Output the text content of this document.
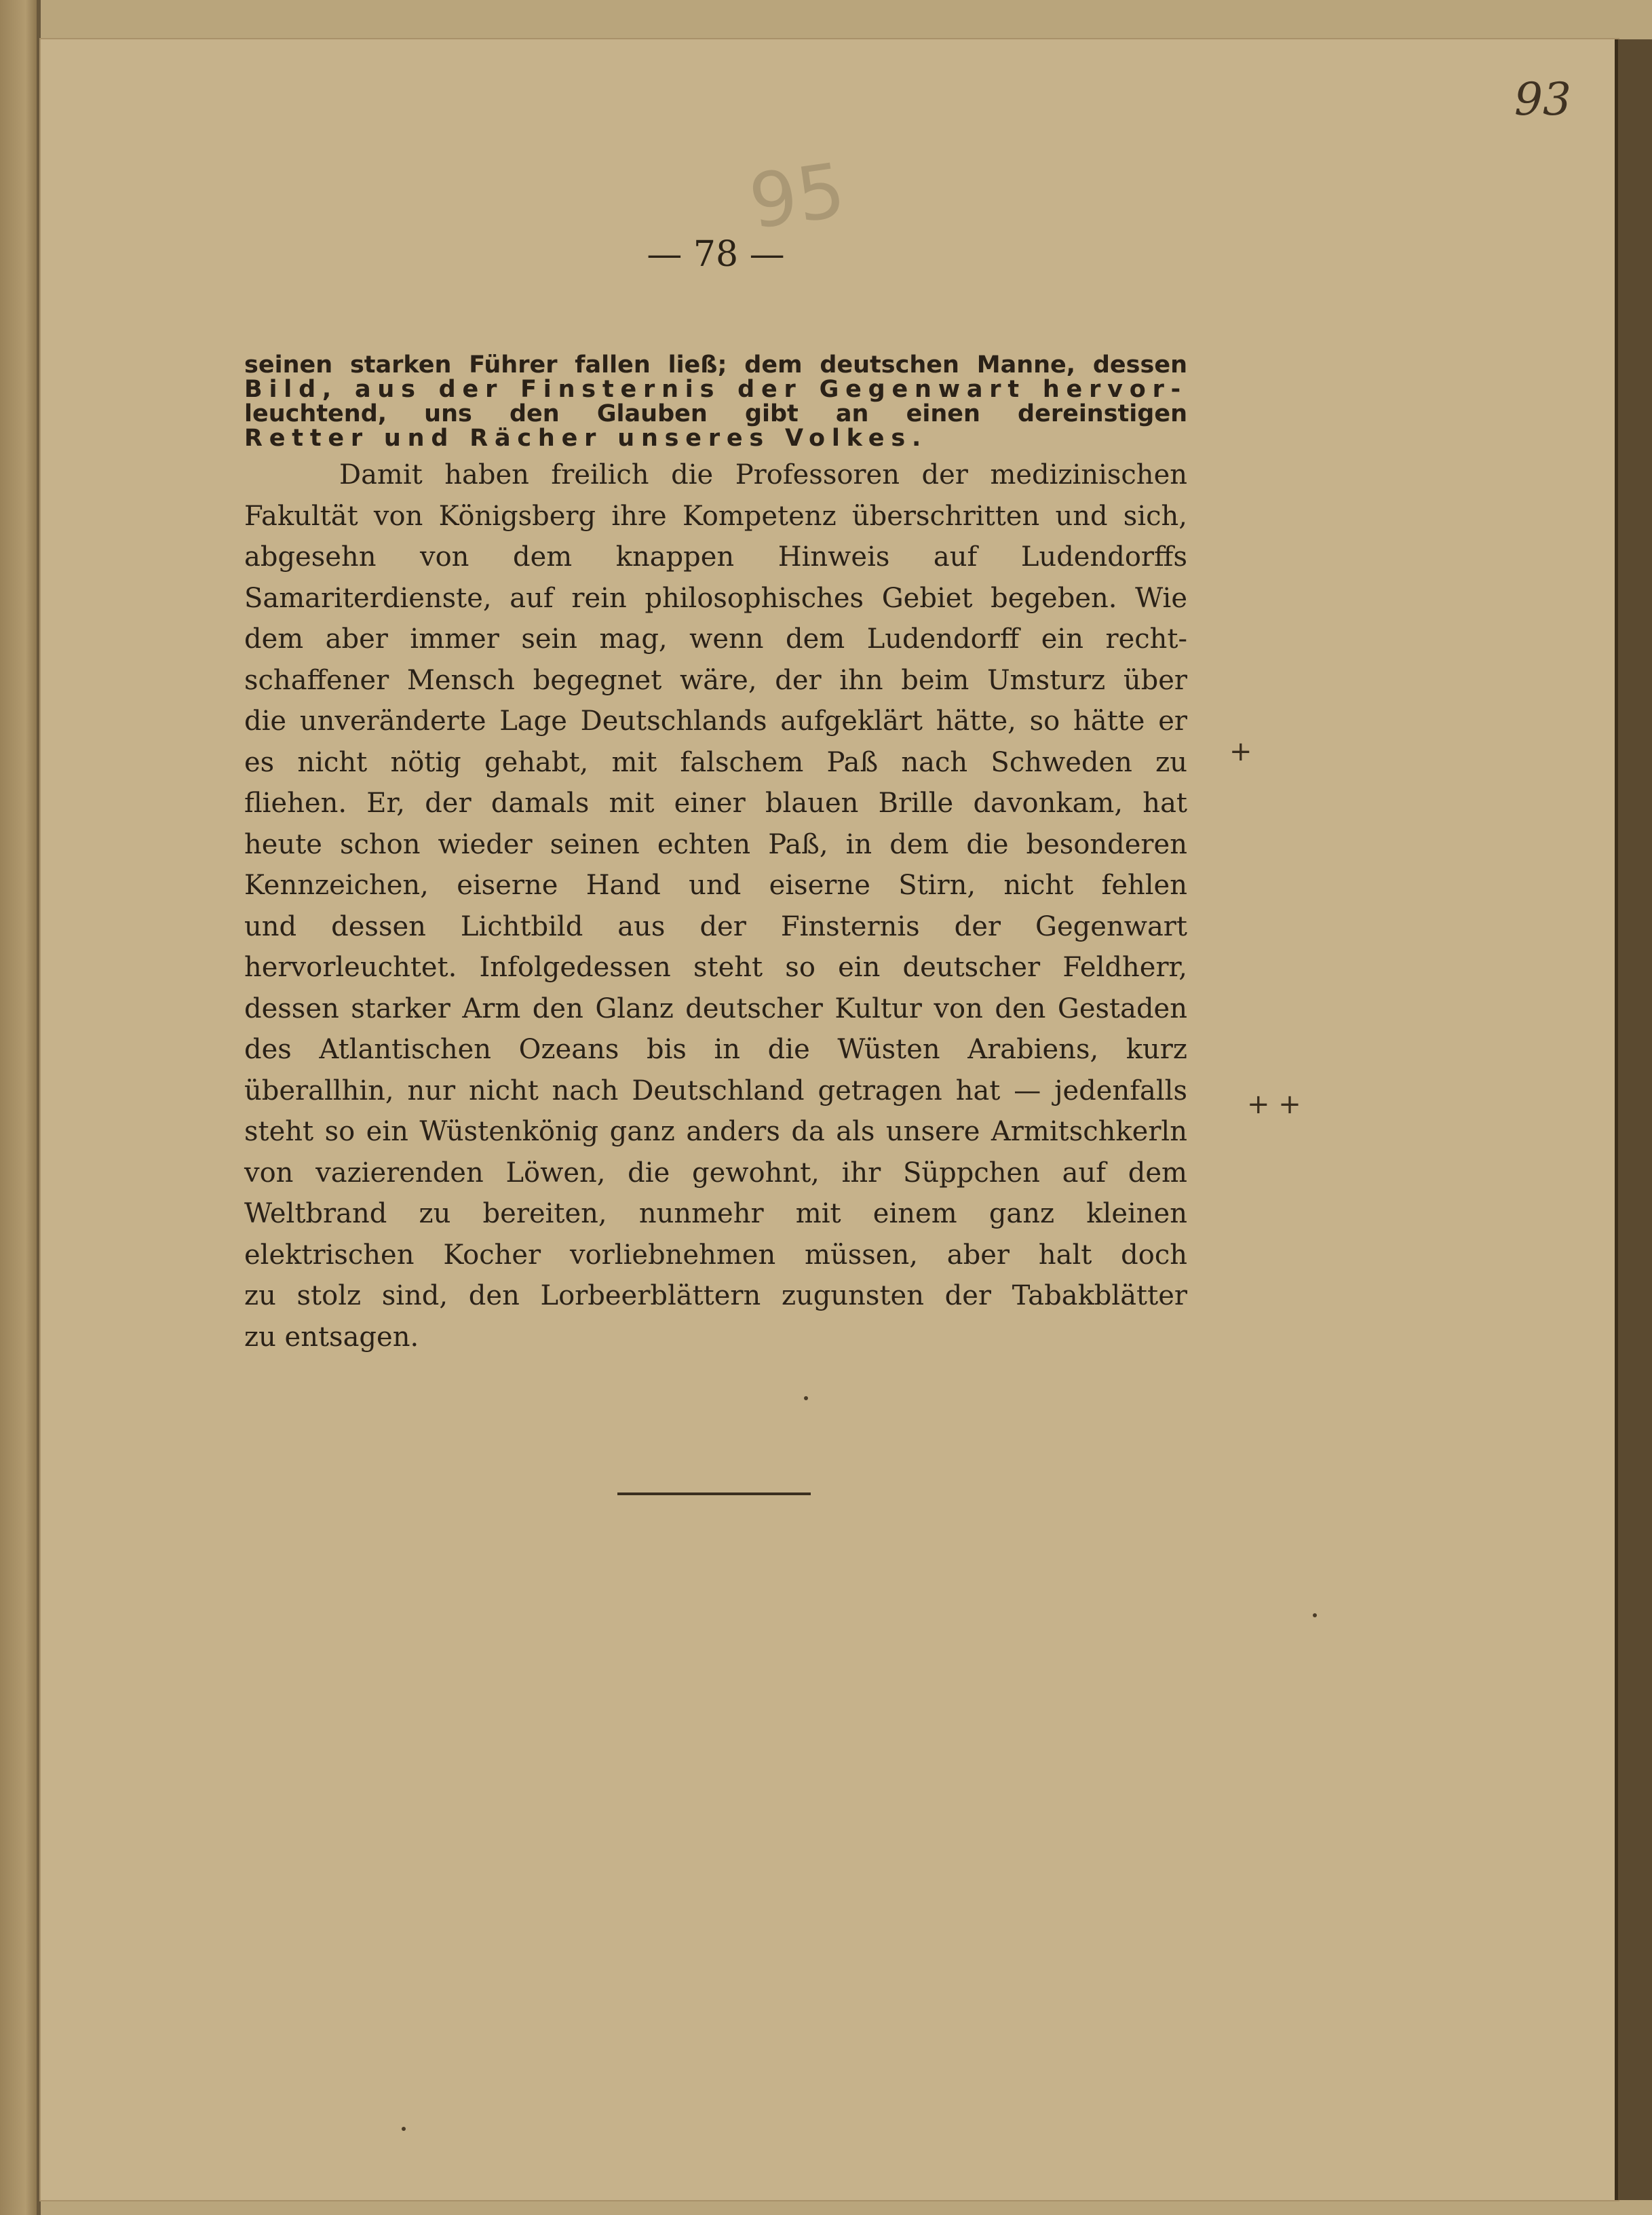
93
95
— 78 —
seinen starken Führer fallen ließ; dem deutschen Manne, dessen
Bild, aus der Finsternis der Gegenwart hervor-
leuchtend, uns den Glauben gibt an einen dereinstigen
Retter und Rächer unseres Volkes.
Damit haben freilich die Professoren der medizinischen
Fakultät von Königsberg ihre Kompetenz überschritten und sich,
abgesehn von dem knappen Hinweis auf Ludendorffs
Samariterdienste, auf rein philosophisches Gebiet begeben. Wie
dem aber immer sein mag, wenn dem Ludendorff ein recht-
schaffener Mensch begegnet wäre, der ihn beim Umsturz über
die unveränderte Lage Deutschlands aufgeklärt hätte, so hätte er
es nicht nötig gehabt, mit falschem Paß nach Schweden zu
fliehen. Er, der damals mit einer blauen Brille davonkam, hat
heute schon wieder seinen echten Paß, in dem die besonderen
Kennzeichen, eiserne Hand und eiserne Stirn, nicht fehlen
und dessen Lichtbild aus der Finsternis der Gegenwart
hervorleuchtet. Infolgedessen steht so ein deutscher Feldherr,
dessen starker Arm den Glanz deutscher Kultur von den Gestaden
des Atlantischen Ozeans bis in die Wüsten Arabiens, kurz
überallhin, nur nicht nach Deutschland getragen hat — jedenfalls
steht so ein Wüstenkönig ganz anders da als unsere Armitschkerln
von vazierenden Löwen, die gewohnt, ihr Süppchen auf dem
Weltbrand zu bereiten, nunmehr mit einem ganz kleinen
elektrischen Kocher vorliebnehmen müssen, aber halt doch
zu stolz sind, den Lorbeerblättern zugunsten der Tabakblätter
zu entsagen.
+
+ +
